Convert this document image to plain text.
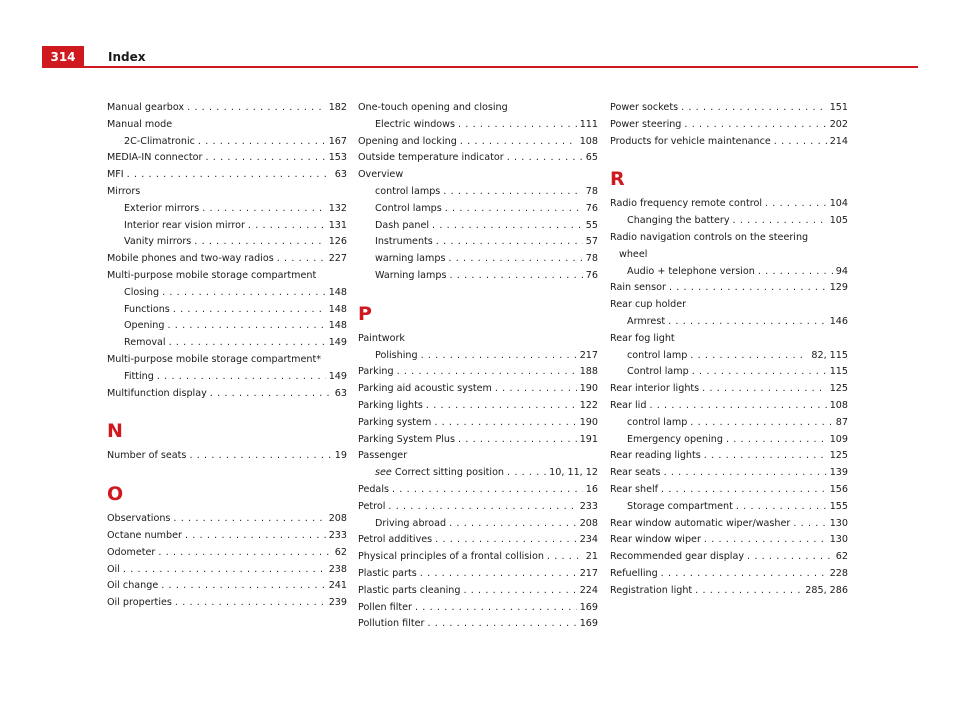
314	Index
Manual gearbox . . .	182
Manual mode
2C-Climatronic . . .	167
MEDIA-IN connector . . .	153
MFI . . .	63
Mirrors
Exterior mirrors . . .	132
Interior rear vision mirror . . .	131
Vanity mirrors . . .	126
Mobile phones and two-way radios . . .	227
Multi-purpose mobile storage compartment
Closing . . .	148
Functions . . .	148
Opening . . .	148
Removal . . .	149
Multi-purpose mobile storage compartment*
Fitting . . .	149
Multifunction display . . .	63
N
Number of seats . . .	19
O
Observations . . .	208
Octane number . . .	233
Odometer . . .	62
Oil . . .	238
Oil change . . .	241
Oil properties . . .	239
One-touch opening and closing
Electric windows . . .	111
Opening and locking . . .	108
Outside temperature indicator . . .	65
Overview
control lamps . . .	78
Control lamps . . .	76
Dash panel . . .	55
Instruments . . .	57
warning lamps . . .	78
Warning lamps . . .	76
P
Paintwork
Polishing . . .	217
Parking . . .	188
Parking aid acoustic system . . .	190
Parking lights . . .	122
Parking system . . .	190
Parking System Plus . . .	191
Passenger
see Correct sitting position . . .	10, 11, 12
Pedals . . .	16
Petrol . . .	233
Driving abroad . . .	208
Petrol additives . . .	234
Physical principles of a frontal collision . . .	21
Plastic parts . . .	217
Plastic parts cleaning . . .	224
Pollen filter . . .	169
Pollution filter . . .	169
Power sockets . . .	151
Power steering . . .	202
Products for vehicle maintenance . . .	214
R
Radio frequency remote control . . .	104
Changing the battery . . .	105
Radio navigation controls on the steering
wheel
Audio + telephone version . . .	94
Rain sensor . . .	129
Rear cup holder
Armrest . . .	146
Rear fog light
control lamp . . .	82, 115
Control lamp . . .	115
Rear interior lights . . .	125
Rear lid . . .	108
control lamp . . .	87
Emergency opening . . .	109
Rear reading lights . . .	125
Rear seats . . .	139
Rear shelf . . .	156
Storage compartment . . .	155
Rear window automatic wiper/washer . . .	130
Rear window wiper . . .	130
Recommended gear display . . .	62
Refuelling . . .	228
Registration light . . .	285, 286
